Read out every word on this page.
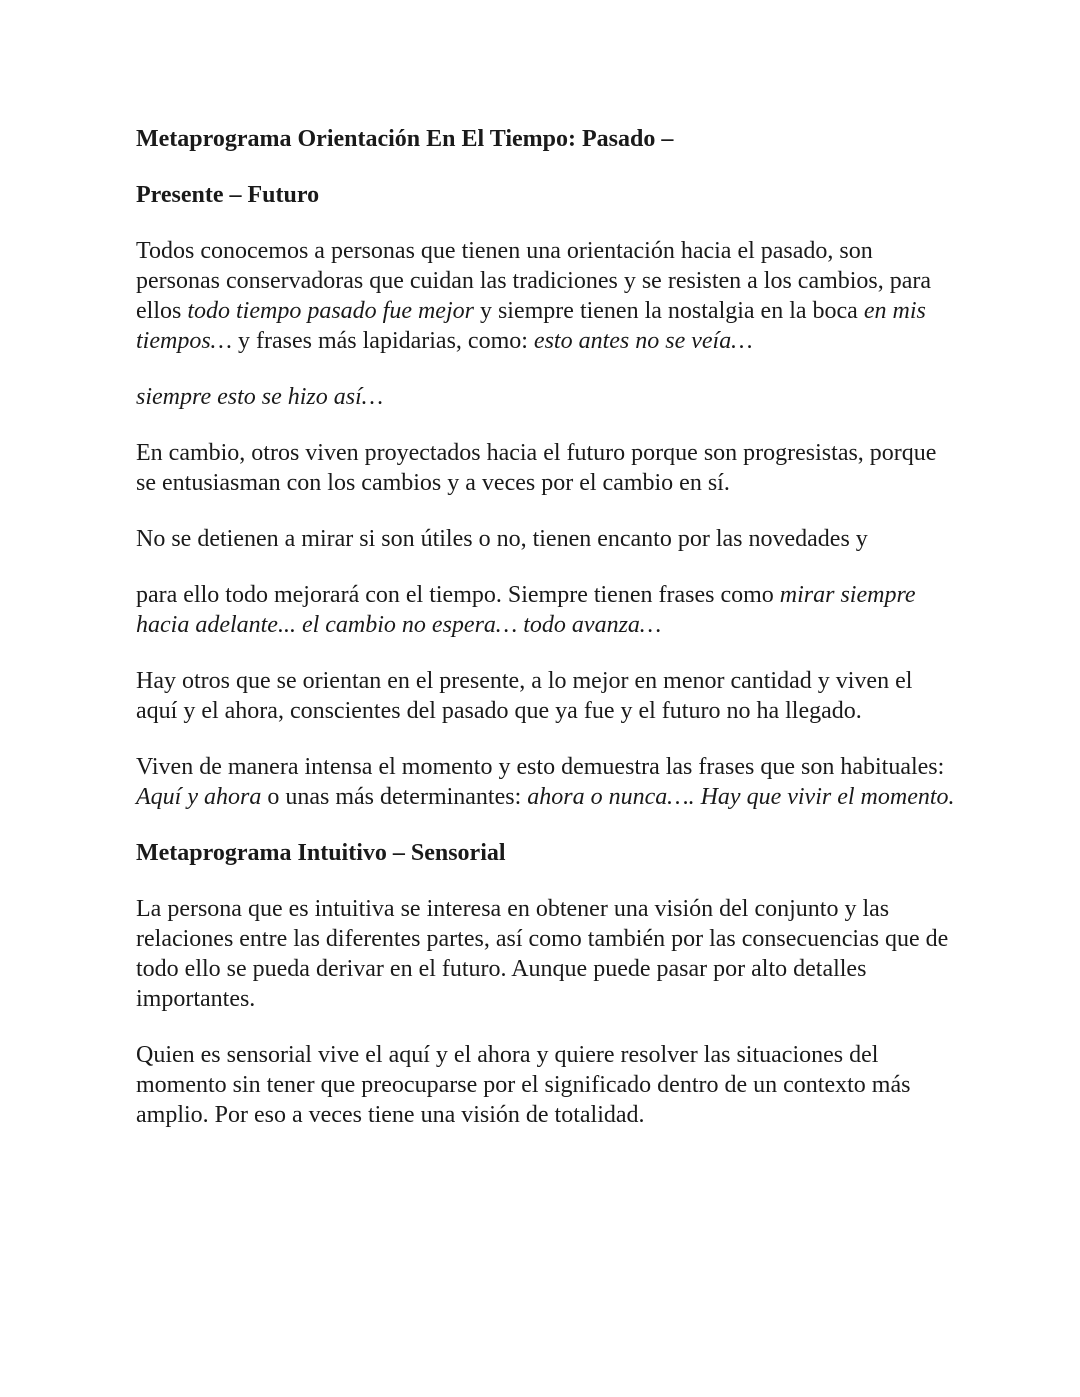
Metaprograma Orientación En El Tiempo: Pasado –
Presente – Futuro

Todos conocemos a personas que tienen una orientación hacia el pasado, son personas conservadoras que cuidan las tradiciones y se resisten a los cambios, para ellos todo tiempo pasado fue mejor y siempre tienen la nostalgia en la boca en mis tiempos… y frases más lapidarias, como: esto antes no se veía…

siempre esto se hizo así…

En cambio, otros viven proyectados hacia el futuro porque son progresistas, porque se entusiasman con los cambios y a veces por el cambio en sí.

No se detienen a mirar si son útiles o no, tienen encanto por las novedades y

para ello todo mejorará con el tiempo. Siempre tienen frases como mirar siempre hacia adelante... el cambio no espera… todo avanza…

Hay otros que se orientan en el presente, a lo mejor en menor cantidad y viven el aquí y el ahora, conscientes del pasado que ya fue y el futuro no ha llegado.

Viven de manera intensa el momento y esto demuestra las frases que son habituales: Aquí y ahora o unas más determinantes: ahora o nunca…. Hay que vivir el momento.

Metaprograma Intuitivo – Sensorial

La persona que es intuitiva se interesa en obtener una visión del conjunto y las relaciones entre las diferentes partes, así como también por las consecuencias que de todo ello se pueda derivar en el futuro. Aunque puede pasar por alto detalles importantes.

Quien es sensorial vive el aquí y el ahora y quiere resolver las situaciones del momento sin tener que preocuparse por el significado dentro de un contexto más amplio. Por eso a veces tiene una visión de totalidad.
